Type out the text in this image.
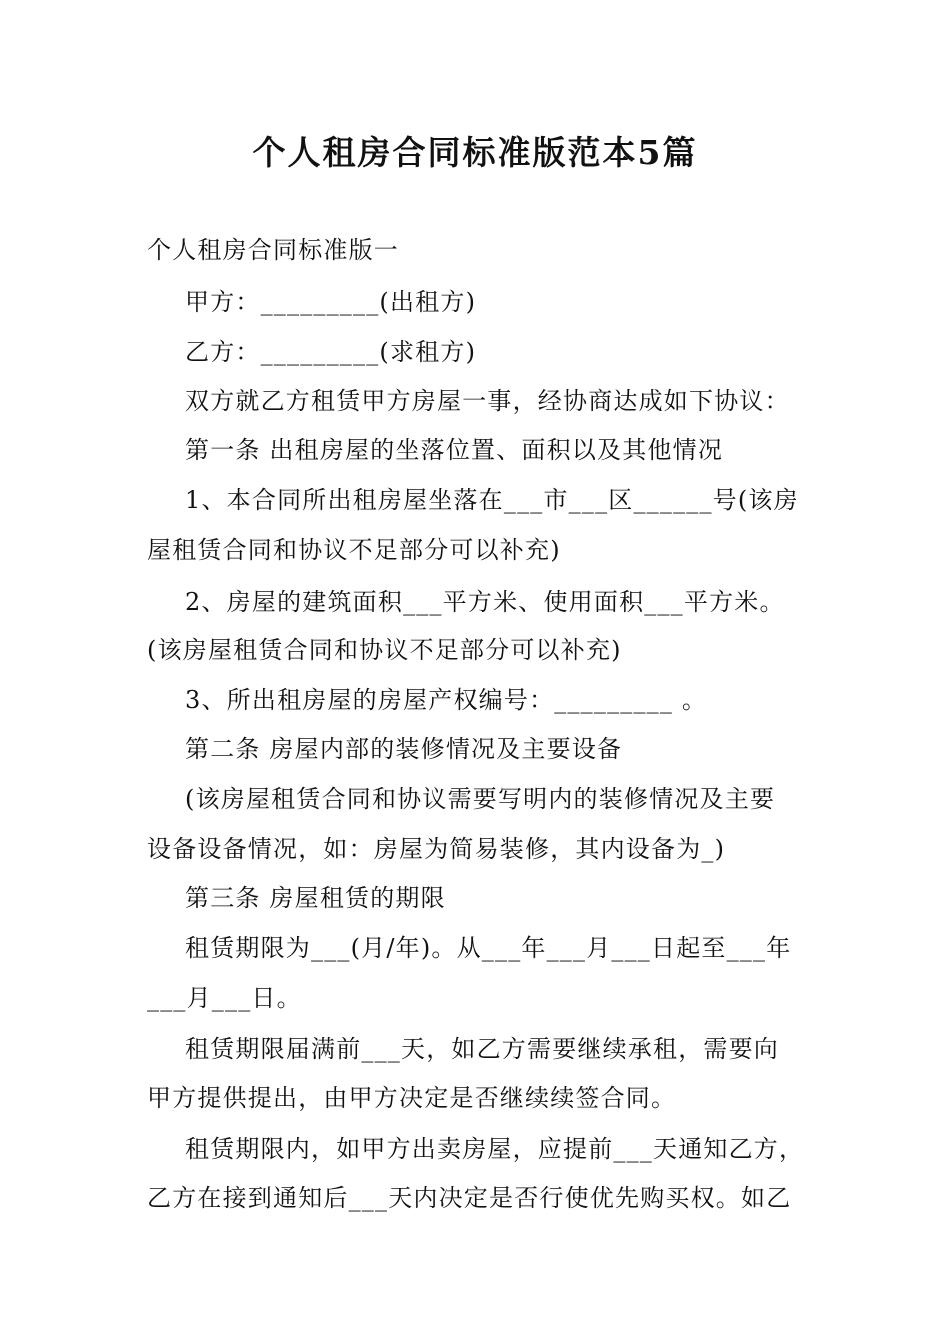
个人租房合同标准版范本5篇
个人租房合同标准版一
甲方：_________(出租方)
乙方：_________(求租方)
双方就乙方租赁甲方房屋一事，经协商达成如下协议：
第一条 出租房屋的坐落位置、面积以及其他情况
1、本合同所出租房屋坐落在___市___区______号(该房
屋租赁合同和协议不足部分可以补充)
2、房屋的建筑面积___平方米、使用面积___平方米。
(该房屋租赁合同和协议不足部分可以补充)
3、所出租房屋的房屋产权编号：_________ 。
第二条 房屋内部的装修情况及主要设备
(该房屋租赁合同和协议需要写明内的装修情况及主要
设备设备情况，如：房屋为简易装修，其内设备为_)
第三条 房屋租赁的期限
租赁期限为___(月/年)。从___年___月___日起至___年
___月___日。
租赁期限届满前___天，如乙方需要继续承租，需要向
甲方提供提出，由甲方决定是否继续续签合同。
租赁期限内，如甲方出卖房屋，应提前___天通知乙方，
乙方在接到通知后___天内决定是否行使优先购买权。如乙
